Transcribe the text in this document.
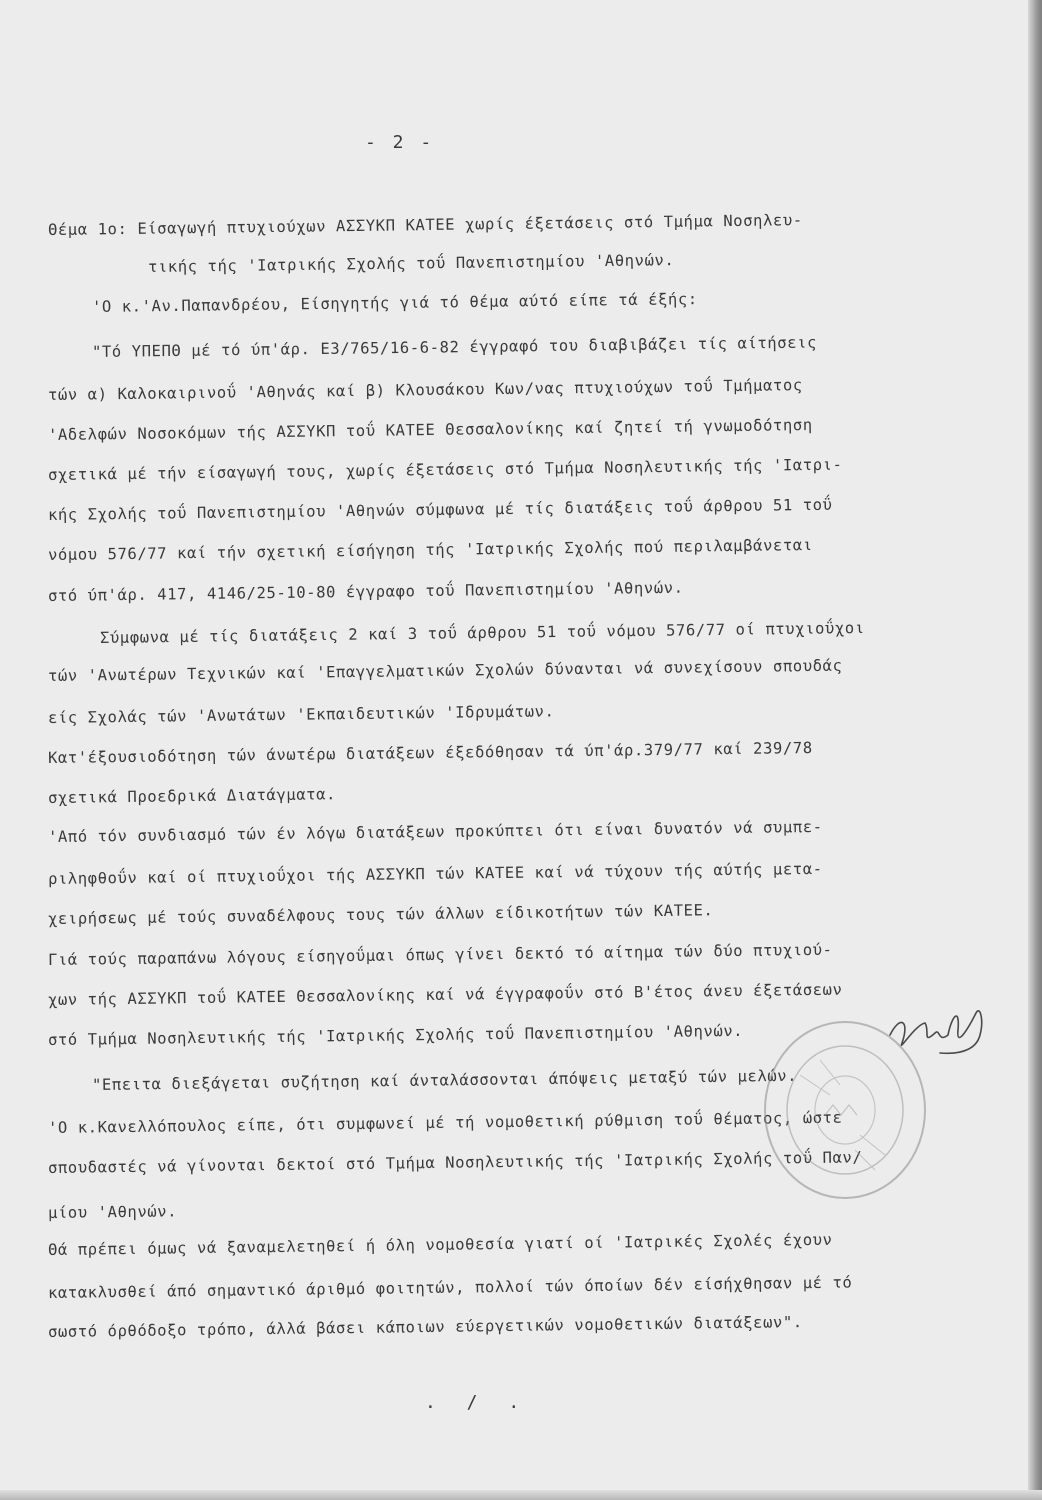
- 2 -
Θέμα 1ο: Είσαγωγή πτυχιούχων ΑΣΣΥΚΠ ΚΑΤΕΕ χωρίς έξετάσεις στό Τμήμα Νοσηλευ-
τικής τής 'Ιατρικής Σχολής τοΰ Πανεπιστημίου 'Αθηνών.
'Ο κ.'Αν.Παπανδρέου, Είσηγητής γιά τό θέμα αύτό είπε τά έξής:
"Τό ΥΠΕΠΘ μέ τό ύπ'άρ. Ε3/765/16-6-82 έγγραφό του διαβιβάζει τίς αίτήσεις
τών α) Καλοκαιρινοΰ 'Αθηνάς καί β) Κλουσάκου Κων/νας πτυχιούχων τοΰ Τμήματος
'Αδελφών Νοσοκόμων τής ΑΣΣΥΚΠ τοΰ ΚΑΤΕΕ Θεσσαλονίκης καί ζητεί τή γνωμοδότηση
σχετικά μέ τήν είσαγωγή τους, χωρίς έξετάσεις στό Τμήμα Νοσηλευτικής τής 'Ιατρι-
κής Σχολής τοΰ Πανεπιστημίου 'Αθηνών σύμφωνα μέ τίς διατάξεις τοΰ άρθρου 51 τοΰ
νόμου 576/77 καί τήν σχετική είσήγηση τής 'Ιατρικής Σχολής πού περιλαμβάνεται
στό ύπ'άρ. 417, 4146/25-10-80 έγγραφο τοΰ Πανεπιστημίου 'Αθηνών.
Σύμφωνα μέ τίς διατάξεις 2 καί 3 τοΰ άρθρου 51 τοΰ νόμου 576/77 οί πτυχιοΰχοι
τών 'Ανωτέρων Τεχνικών καί 'Επαγγελματικών Σχολών δύνανται νά συνεχίσουν σπουδάς
είς Σχολάς τών 'Ανωτάτων 'Εκπαιδευτικών 'Ιδρυμάτων.
Κατ'έξουσιοδότηση τών άνωτέρω διατάξεων έξεδόθησαν τά ύπ'άρ.379/77 καί 239/78
σχετικά Προεδρικά Διατάγματα.
'Από τόν συνδιασμό τών έν λόγω διατάξεων προκύπτει ότι είναι δυνατόν νά συμπε-
ριληφθοΰν καί οί πτυχιοΰχοι τής ΑΣΣΥΚΠ τών ΚΑΤΕΕ καί νά τύχουν τής αύτής μετα-
χειρήσεως μέ τούς συναδέλφους τους τών άλλων είδικοτήτων τών ΚΑΤΕΕ.
Γιά τούς παραπάνω λόγους είσηγοΰμαι όπως γίνει δεκτό τό αίτημα τών δύο πτυχιού-
χων τής ΑΣΣΥΚΠ τοΰ ΚΑΤΕΕ Θεσσαλονίκης καί νά έγγραφοΰν στό Β'έτος άνευ έξετάσεων
στό Τμήμα Νοσηλευτικής τής 'Ιατρικής Σχολής τοΰ Πανεπιστημίου 'Αθηνών.
"Επειτα διεξάγεται συζήτηση καί άνταλάσσονται άπόψεις μεταξύ τών μελών.
'Ο κ.Κανελλόπουλος είπε, ότι συμφωνεί μέ τή νομοθετική ρύθμιση τοΰ θέματος, ώστε
σπουδαστές νά γίνονται δεκτοί στό Τμήμα Νοσηλευτικής τής 'Ιατρικής Σχολής τοΰ Παν/
μίου 'Αθηνών.
Θά πρέπει όμως νά ξαναμελετηθεί ή όλη νομοθεσία γιατί οί 'Ιατρικές Σχολές έχουν
κατακλυσθεί άπό σημαντικό άριθμό φοιτητών, πολλοί τών όποίων δέν είσήχθησαν μέ τό
σωστό όρθόδοξο τρόπο, άλλά βάσει κάποιων εύεργετικών νομοθετικών διατάξεων".
. / .
